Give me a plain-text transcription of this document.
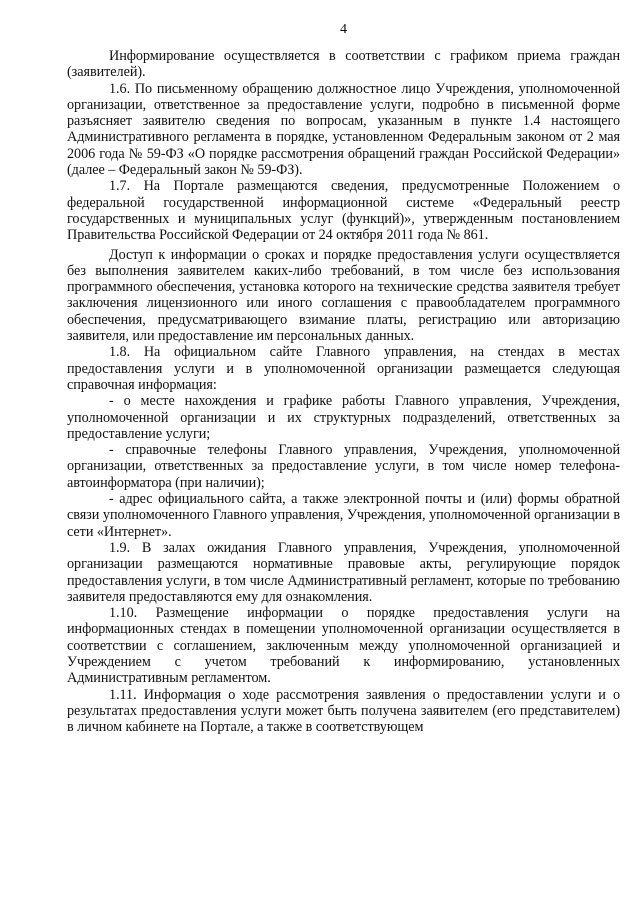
4

Информирование осуществляется в соответствии с графиком приема граждан (заявителей).

1.6. По письменному обращению должностное лицо Учреждения, уполномоченной организации, ответственное за предоставление услуги, подробно в письменной форме разъясняет заявителю сведения по вопросам, указанным в пункте 1.4 настоящего Административного регламента в порядке, установленном Федеральным законом от 2 мая 2006 года № 59-ФЗ «О порядке рассмотрения обращений граждан Российской Федерации» (далее – Федеральный закон № 59-ФЗ).

1.7. На Портале размещаются сведения, предусмотренные Положением о федеральной государственной информационной системе «Федеральный реестр государственных и муниципальных услуг (функций)», утвержденным постановлением Правительства Российской Федерации от 24 октября 2011 года № 861.

Доступ к информации о сроках и порядке предоставления услуги осуществляется без выполнения заявителем каких-либо требований, в том числе без использования программного обеспечения, установка которого на технические средства заявителя требует заключения лицензионного или иного соглашения с правообладателем программного обеспечения, предусматривающего взимание платы, регистрацию или авторизацию заявителя, или предоставление им персональных данных.

1.8. На официальном сайте Главного управления, на стендах в местах предоставления услуги и в уполномоченной организации размещается следующая справочная информация:

- о месте нахождения и графике работы Главного управления, Учреждения, уполномоченной организации и их структурных подразделений, ответственных за предоставление услуги;

- справочные телефоны Главного управления, Учреждения, уполномоченной организации, ответственных за предоставление услуги, в том числе номер телефона-автоинформатора (при наличии);

- адрес официального сайта, а также электронной почты и (или) формы обратной связи уполномоченного Главного управления, Учреждения, уполномоченной организации в сети «Интернет».

1.9. В залах ожидания Главного управления, Учреждения, уполномоченной организации размещаются нормативные правовые акты, регулирующие порядок предоставления услуги, в том числе Административный регламент, которые по требованию заявителя предоставляются ему для ознакомления.

1.10. Размещение информации о порядке предоставления услуги на информационных стендах в помещении уполномоченной организации осуществляется в соответствии с соглашением, заключенным между уполномоченной организацией и Учреждением с учетом требований к информированию, установленных Административным регламентом.

1.11. Информация о ходе рассмотрения заявления о предоставлении услуги и о результатах предоставления услуги может быть получена заявителем (его представителем) в личном кабинете на Портале, а также в соответствующем
